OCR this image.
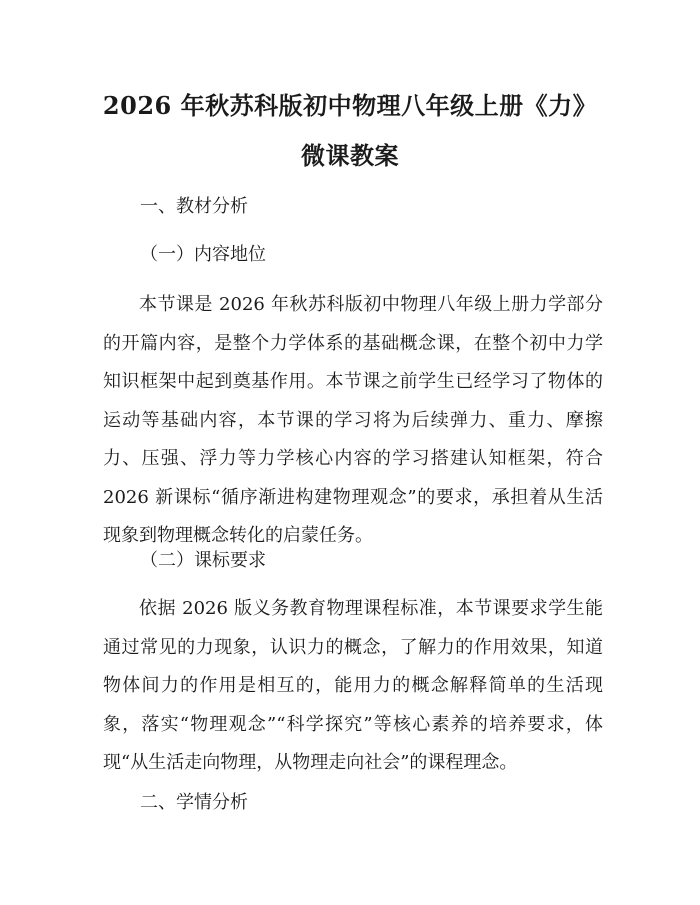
2026 年秋苏科版初中物理八年级上册《力》
微课教案
一、教材分析
（一）内容地位
本节课是 2026 年秋苏科版初中物理八年级上册力学部分的开篇内容，是整个力学体系的基础概念课，在整个初中力学知识框架中起到奠基作用。本节课之前学生已经学习了物体的运动等基础内容，本节课的学习将为后续弹力、重力、摩擦力、压强、浮力等力学核心内容的学习搭建认知框架，符合 2026 新课标“循序渐进构建物理观念”的要求，承担着从生活现象到物理概念转化的启蒙任务。
（二）课标要求
依据 2026 版义务教育物理课程标准，本节课要求学生能通过常见的力现象，认识力的概念，了解力的作用效果，知道物体间力的作用是相互的，能用力的概念解释简单的生活现象，落实“物理观念”“科学探究”等核心素养的培养要求，体现“从生活走向物理，从物理走向社会”的课程理念。
二、学情分析
